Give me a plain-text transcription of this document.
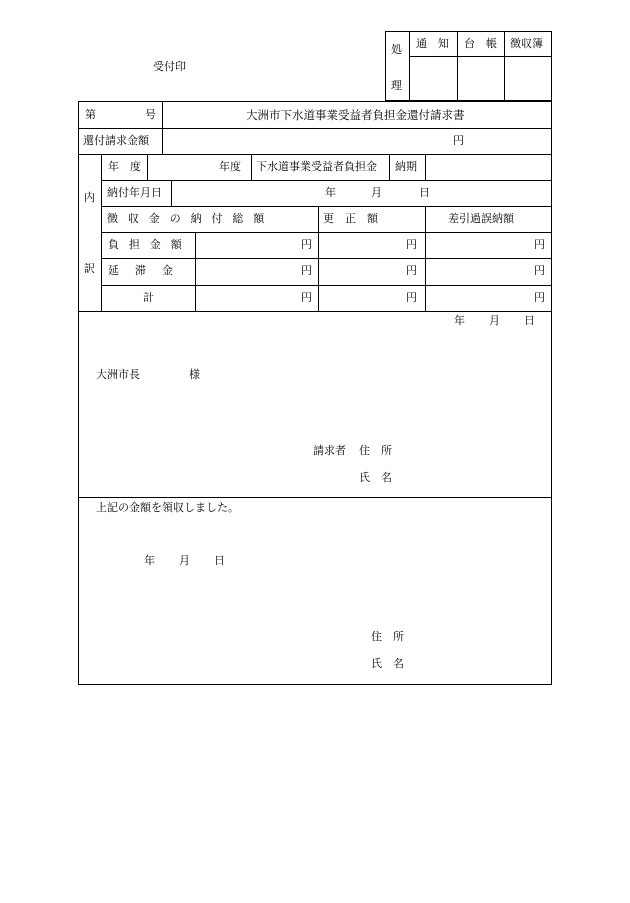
受付印
処
理
通　知 台　帳 徴収簿
第	号	大洲市下水道事業受益者負担金還付請求書
還付請求金額	円
内
訳
年　度	年度 下水道事業受益者負担金 納期
納付年月日	年	月	日
徴収金の納付総額	更　正　額	差引過誤納額
負担金額	円	円	円
延滞金	円	円	円
計	円	円	円
年 月 日
大洲市長	様
請求者 住　所
氏　名
上記の金額を領収しました。
年 月 日
住　所
氏　名
